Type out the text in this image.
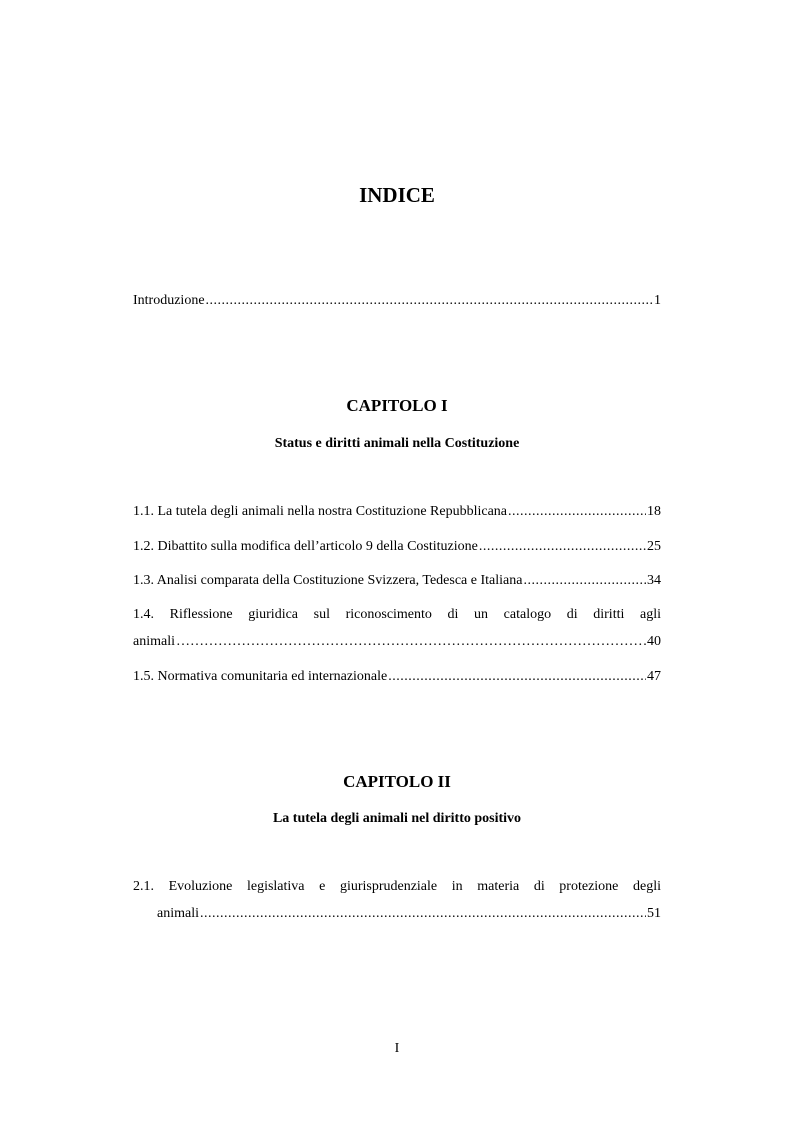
INDICE
Introduzione .....	1
CAPITOLO I
Status e diritti animali nella Costituzione
1.1. La tutela degli animali nella nostra Costituzione Repubblicana .....	18
1.2. Dibattito sulla modifica dell’articolo 9 della Costituzione .....	25
1.3. Analisi comparata della Costituzione Svizzera, Tedesca e Italiana .....	34
1.4. Riflessione giuridica sul riconoscimento di un catalogo di diritti agli
animali …………………………………………………………………………………………………………………………………………………………………………………………………	40
1.5. Normativa comunitaria ed internazionale .....	47
CAPITOLO II
La tutela degli animali nel diritto positivo
2.1. Evoluzione legislativa e giurisprudenziale in materia di protezione degli
animali .....	51
I
